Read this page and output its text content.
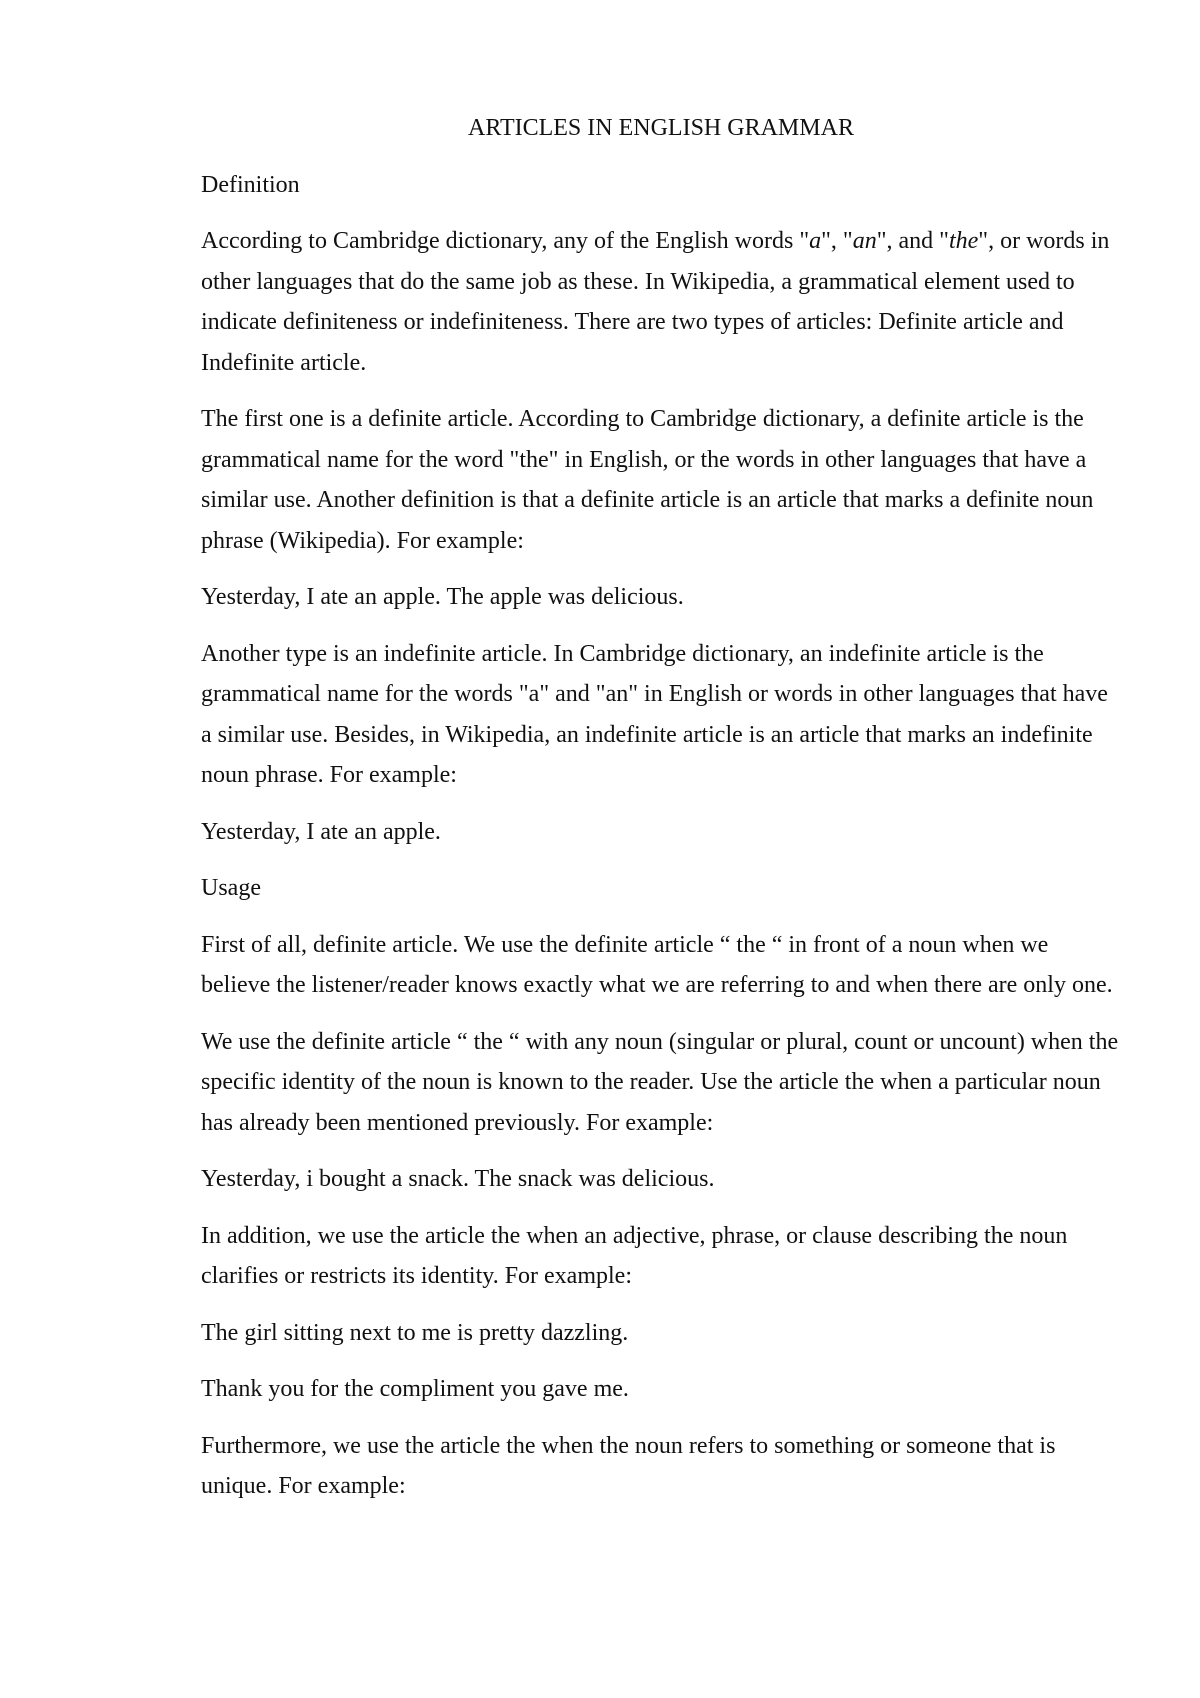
ARTICLES IN ENGLISH GRAMMAR
Definition
According to Cambridge dictionary, any of the English words "a", "an", and "the", or words in other languages that do the same job as these. In Wikipedia, a grammatical element used to indicate definiteness or indefiniteness. There are two types of articles: Definite article and Indefinite article.
The first one is a definite article. According to Cambridge dictionary, a definite article is the grammatical name for the word "the" in English, or the words in other languages that have a similar use. Another definition is that a definite article is an article that marks a definite noun phrase (Wikipedia). For example:
Yesterday, I ate an apple. The apple was delicious.
Another type is an indefinite article. In Cambridge dictionary, an indefinite article is the grammatical name for the words "a" and "an" in English or words in other languages that have a similar use. Besides, in Wikipedia, an indefinite article is an article that marks an indefinite noun phrase. For example:
Yesterday, I ate an apple.
Usage
First of all, definite article. We use the definite article “ the “ in front of a noun when we believe the listener/reader knows exactly what we are referring to and when there are only one.
We use the definite article “ the “ with any noun (singular or plural, count or uncount) when the specific identity of the noun is known to the reader. Use the article the when a particular noun has already been mentioned previously. For example:
Yesterday, i bought a snack. The snack was delicious.
In addition, we use the article the when an adjective, phrase, or clause describing the noun clarifies or restricts its identity. For example:
The girl sitting next to me is pretty dazzling.
Thank you for the compliment you gave me.
Furthermore, we use the article the when the noun refers to something or someone that is unique. For example:
